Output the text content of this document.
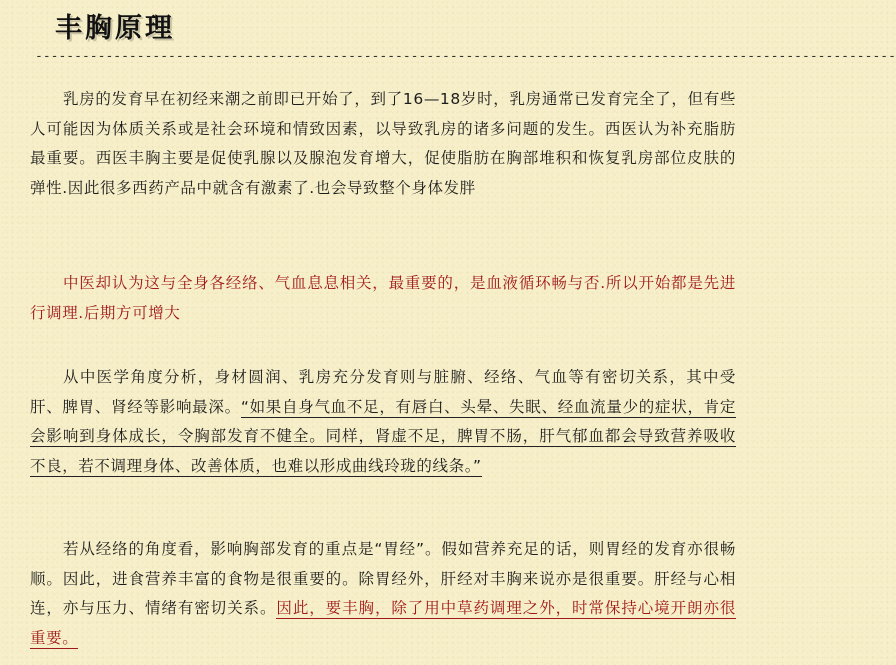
丰胸原理
--------------------------------------------------------------------------------------------------------------

乳房的发育早在初经来潮之前即已开始了，到了16—18岁时，乳房通常已发育完全了，但有些人可能因为体质关系或是社会环境和情致因素，以导致乳房的诸多问题的发生。西医认为补充脂肪最重要。西医丰胸主要是促使乳腺以及腺泡发育增大，促使脂肪在胸部堆积和恢复乳房部位皮肤的弹性.因此很多西药产品中就含有激素了.也会导致整个身体发胖

中医却认为这与全身各经络、气血息息相关，最重要的，是血液循环畅与否.所以开始都是先进行调理.后期方可增大

从中医学角度分析，身材圆润、乳房充分发育则与脏腑、经络、气血等有密切关系，其中受肝、脾胃、肾经等影响最深。“如果自身气血不足，有唇白、头晕、失眠、经血流量少的症状，肯定会影响到身体成长，令胸部发育不健全。同样，肾虚不足，脾胃不肠，肝气郁血都会导致营养吸收不良，若不调理身体、改善体质，也难以形成曲线玲珑的线条。”

若从经络的角度看，影响胸部发育的重点是“胃经”。假如营养充足的话，则胃经的发育亦很畅顺。因此，进食营养丰富的食物是很重要的。除胃经外，肝经对丰胸来说亦是很重要。肝经与心相连，亦与压力、情绪有密切关系。因此，要丰胸，除了用中草药调理之外，时常保持心境开朗亦很重要。
